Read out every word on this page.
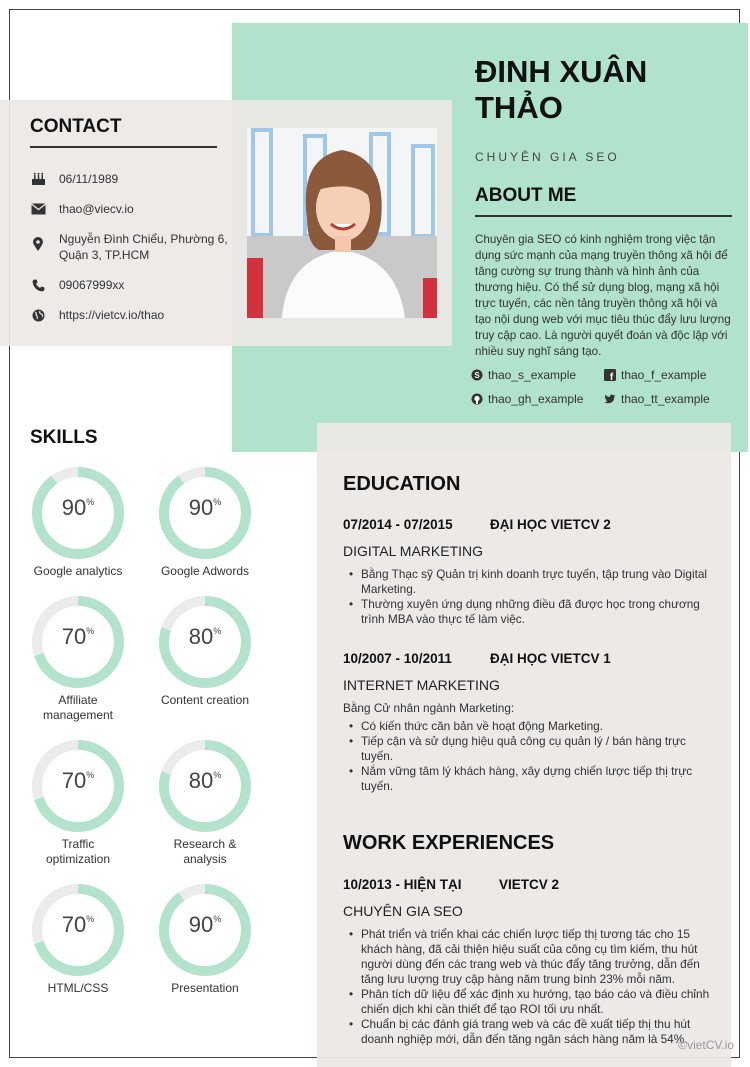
ĐINH XUÂN THẢO
CHUYÊN GIA SEO
ABOUT ME
Chuyên gia SEO có kinh nghiệm trong việc tận dụng sức mạnh của mạng truyền thông xã hội để tăng cường sự trung thành và hình ảnh của thương hiệu. Có thể sử dụng blog, mạng xã hội trực tuyến, các nền tảng truyền thông xã hội và tạo nội dung web với mục tiêu thúc đẩy lưu lượng truy cập cao. Là người quyết đoán và độc lập với nhiều suy nghĩ sáng tạo.
S thao_s_example	f thao_f_example
thao_gh_example	thao_tt_example
CONTACT
06/11/1989
thao@viecv.io
Nguyễn Đình Chiểu, Phường 6, Quận 3, TP.HCM
09067999xx
https://vietcv.io/thao
SKILLS
90%
Google analytics
90%
Google Adwords
70%
Affiliate management
80%
Content creation
70%
Traffic optimization
80%
Research & analysis
70%
HTML/CSS
90%
Presentation
EDUCATION
07/2014 - 07/2015	ĐẠI HỌC VIETCV 2
DIGITAL MARKETING
• Bằng Thạc sỹ Quản trị kinh doanh trực tuyến, tập trung vào Digital Marketing.
• Thường xuyên ứng dụng những điều đã được học trong chương trình MBA vào thực tế làm việc.
10/2007 - 10/2011	ĐẠI HỌC VIETCV 1
INTERNET MARKETING
Bằng Cử nhân ngành Marketing:
• Có kiến thức căn bản về hoạt động Marketing.
• Tiếp cận và sử dụng hiệu quả công cụ quản lý / bán hàng trực tuyến.
• Nắm vững tâm lý khách hàng, xây dựng chiến lược tiếp thị trực tuyến.
WORK EXPERIENCES
10/2013 - HIỆN TẠI	VIETCV 2
CHUYÊN GIA SEO
• Phát triển và triển khai các chiến lược tiếp thị tương tác cho 15 khách hàng, đã cải thiện hiệu suất của công cụ tìm kiếm, thu hút người dùng đến các trang web và thúc đẩy tăng trưởng, dẫn đến tăng lưu lượng truy cập hàng năm trung bình 23% mỗi năm.
• Phân tích dữ liệu để xác định xu hướng, tạo báo cáo và điều chỉnh chiến dịch khi cần thiết để tạo ROI tối ưu nhất.
• Chuẩn bị các đánh giá trang web và các đề xuất tiếp thị thu hút doanh nghiệp mới, dẫn đến tăng ngân sách hàng năm là 54%.
©vietCV.io
